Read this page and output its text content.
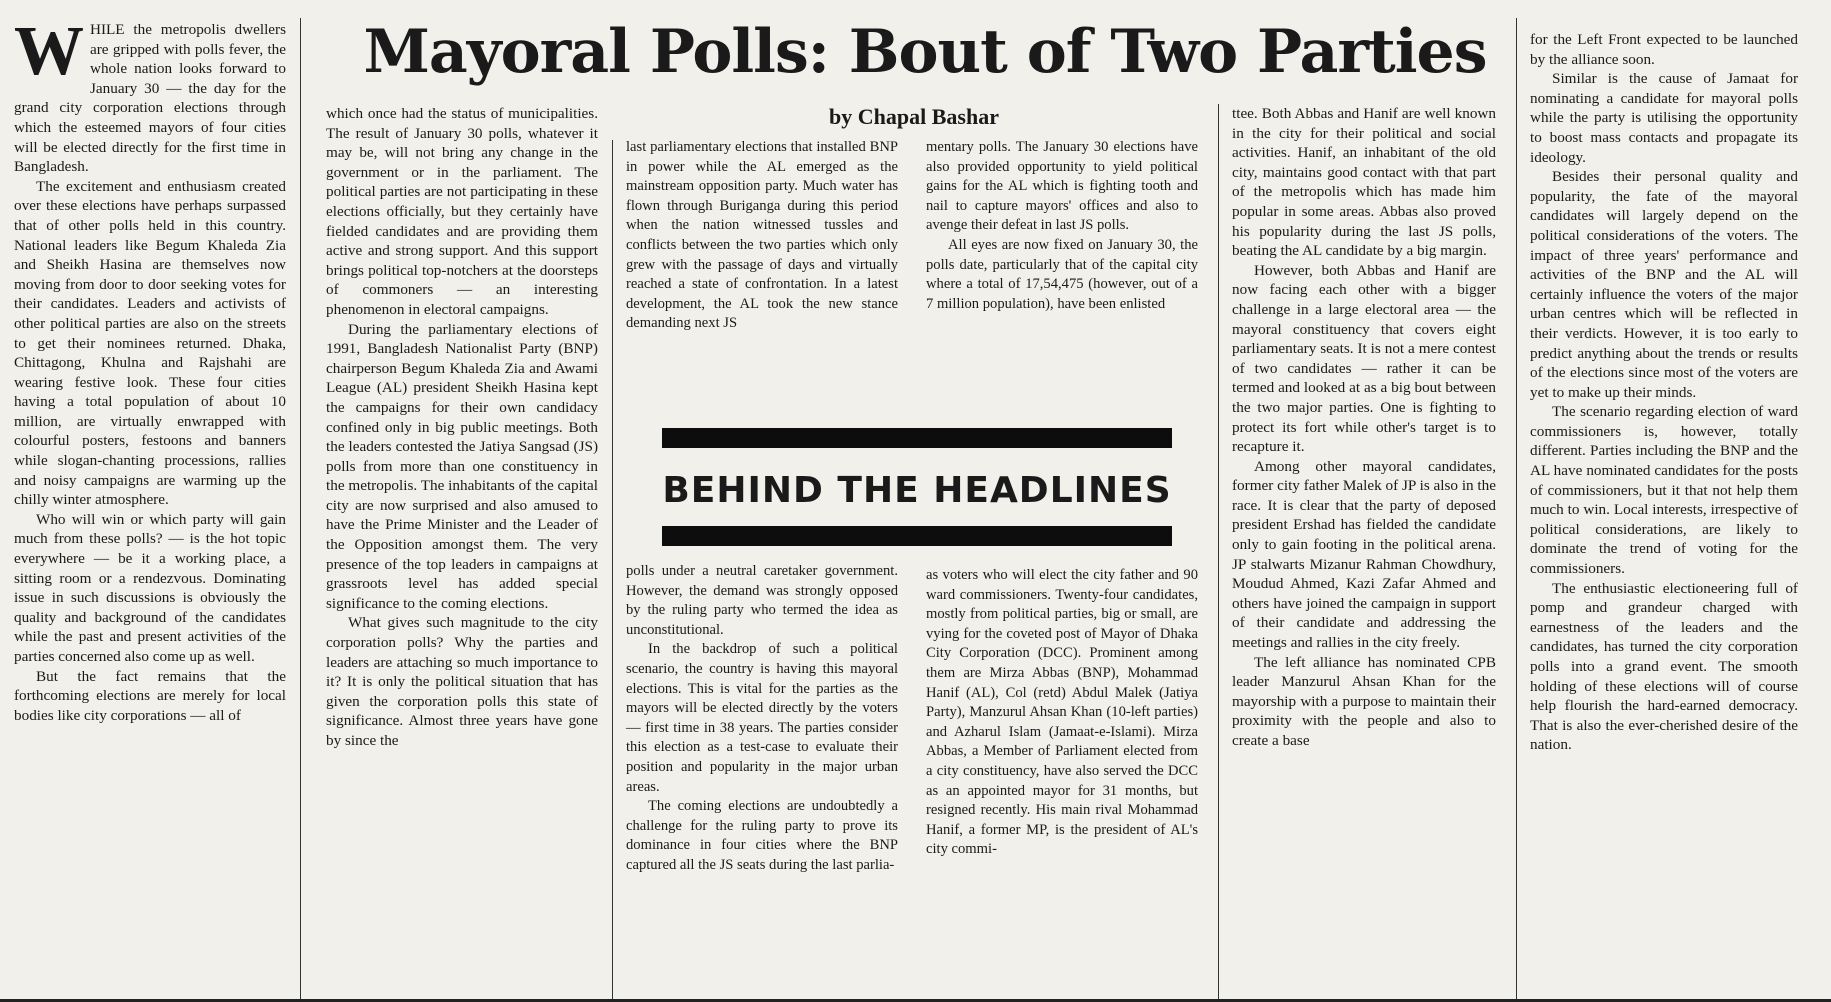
WHILE the metropolis dwellers are gripped with polls fever, the whole nation looks forward to January 30 — the day for the grand city corporation elections through which the esteemed mayors of four cities will be elected directly for the first time in Bangladesh.

The excitement and enthusiasm created over these elections have perhaps surpassed that of other polls held in this country. National leaders like Begum Khaleda Zia and Sheikh Hasina are themselves now moving from door to door seeking votes for their candidates. Leaders and activists of other political parties are also on the streets to get their nominees returned. Dhaka, Chittagong, Khulna and Rajshahi are wearing festive look. These four cities having a total population of about 10 million, are virtually enwrapped with colourful posters, festoons and banners while slogan-chanting processions, rallies and noisy campaigns are warming up the chilly winter atmosphere.

Who will win or which party will gain much from these polls? — is the hot topic everywhere — be it a working place, a sitting room or a rendezvous. Dominating issue in such discussions is obviously the quality and background of the candidates while the past and present activities of the parties concerned also come up as well.

But the fact remains that the forthcoming elections are merely for local bodies like city corporations — all of

Mayoral Polls: Bout of Two Parties
by Chapal Bashar

which once had the status of municipalities. The result of January 30 polls, whatever it may be, will not bring any change in the government or in the parliament. The political parties are not participating in these elections officially, but they certainly have fielded candidates and are providing them active and strong support. And this support brings political top-notchers at the doorsteps of commoners — an interesting phenomenon in electoral campaigns.

During the parliamentary elections of 1991, Bangladesh Nationalist Party (BNP) chairperson Begum Khaleda Zia and Awami League (AL) president Sheikh Hasina kept the campaigns for their own candidacy confined only in big public meetings. Both the leaders contested the Jatiya Sangsad (JS) polls from more than one constituency in the metropolis. The inhabitants of the capital city are now surprised and also amused to have the Prime Minister and the Leader of the Opposition amongst them. The very presence of the top leaders in campaigns at grassroots level has added special significance to the coming elections.

What gives such magnitude to the city corporation polls? Why the parties and leaders are attaching so much importance to it? It is only the political situation that has given the corporation polls this state of significance. Almost three years have gone by since the

last parliamentary elections that installed BNP in power while the AL emerged as the mainstream opposition party. Much water has flown through Buriganga during this period when the nation witnessed tussles and conflicts between the two parties which only grew with the passage of days and virtually reached a state of confrontation. In a latest development, the AL took the new stance demanding next JS

mentary polls. The January 30 elections have also provided opportunity to yield political gains for the AL which is fighting tooth and nail to capture mayors' offices and also to avenge their defeat in last JS polls.

All eyes are now fixed on January 30, the polls date, particularly that of the capital city where a total of 17,54,475 (however, out of a 7 million population), have been enlisted

BEHIND THE HEADLINES

polls under a neutral caretaker government. However, the demand was strongly opposed by the ruling party who termed the idea as unconstitutional.

In the backdrop of such a political scenario, the country is having this mayoral elections. This is vital for the parties as the mayors will be elected directly by the voters — first time in 38 years. The parties consider this election as a test-case to evaluate their position and popularity in the major urban areas.

The coming elections are undoubtedly a challenge for the ruling party to prove its dominance in four cities where the BNP captured all the JS seats during the last parlia-

as voters who will elect the city father and 90 ward commissioners. Twenty-four candidates, mostly from political parties, big or small, are vying for the coveted post of Mayor of Dhaka City Corporation (DCC). Prominent among them are Mirza Abbas (BNP), Mohammad Hanif (AL), Col (retd) Abdul Malek (Jatiya Party), Manzurul Ahsan Khan (10-left parties) and Azharul Islam (Jamaat-e-Islami). Mirza Abbas, a Member of Parliament elected from a city constituency, have also served the DCC as an appointed mayor for 31 months, but resigned recently. His main rival Mohammad Hanif, a former MP, is the president of AL's city commi-

ttee. Both Abbas and Hanif are well known in the city for their political and social activities. Hanif, an inhabitant of the old city, maintains good contact with that part of the metropolis which has made him popular in some areas. Abbas also proved his popularity during the last JS polls, beating the AL candidate by a big margin.

However, both Abbas and Hanif are now facing each other with a bigger challenge in a large electoral area — the mayoral constituency that covers eight parliamentary seats. It is not a mere contest of two candidates — rather it can be termed and looked at as a big bout between the two major parties. One is fighting to protect its fort while other's target is to recapture it.

Among other mayoral candidates, former city father Malek of JP is also in the race. It is clear that the party of deposed president Ershad has fielded the candidate only to gain footing in the political arena. JP stalwarts Mizanur Rahman Chowdhury, Moudud Ahmed, Kazi Zafar Ahmed and others have joined the campaign in support of their candidate and addressing the meetings and rallies in the city freely.

The left alliance has nominated CPB leader Manzurul Ahsan Khan for the mayorship with a purpose to maintain their proximity with the people and also to create a base

for the Left Front expected to be launched by the alliance soon.

Similar is the cause of Jamaat for nominating a candidate for mayoral polls while the party is utilising the opportunity to boost mass contacts and propagate its ideology.

Besides their personal quality and popularity, the fate of the mayoral candidates will largely depend on the political considerations of the voters. The impact of three years' performance and activities of the BNP and the AL will certainly influence the voters of the major urban centres which will be reflected in their verdicts. However, it is too early to predict anything about the trends or results of the elections since most of the voters are yet to make up their minds.

The scenario regarding election of ward commissioners is, however, totally different. Parties including the BNP and the AL have nominated candidates for the posts of commissioners, but it that not help them much to win. Local interests, irrespective of political considerations, are likely to dominate the trend of voting for the commissioners.

The enthusiastic electioneering full of pomp and grandeur charged with earnestness of the leaders and the candidates, has turned the city corporation polls into a grand event. The smooth holding of these elections will of course help flourish the hard-earned democracy. That is also the ever-cherished desire of the nation.
